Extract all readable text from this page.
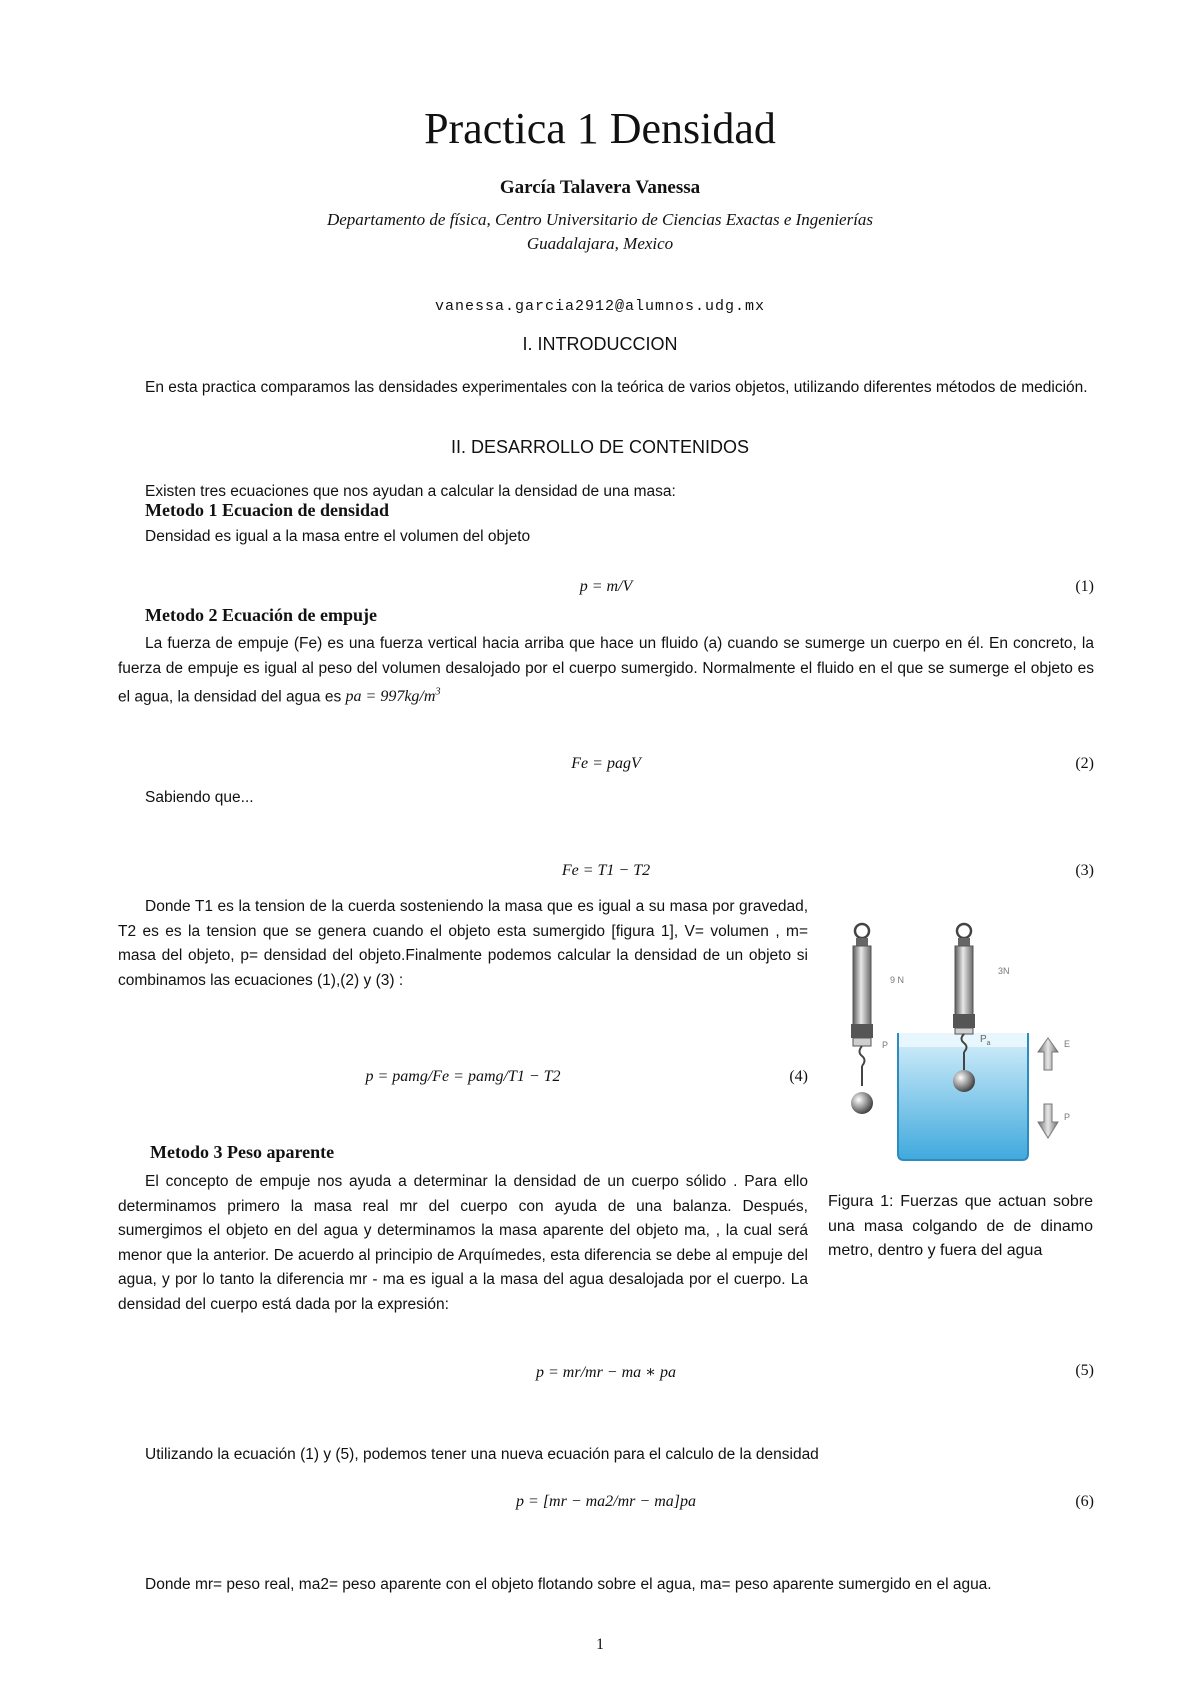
Practica 1 Densidad
García Talavera Vanessa
Departamento de física, Centro Universitario de Ciencias Exactas e Ingenierías
Guadalajara, Mexico
vanessa.garcia2912@alumnos.udg.mx
I. INTRODUCCION
En esta practica comparamos las densidades experimentales con la teórica de varios objetos, utilizando diferentes métodos de medición.
II. DESARROLLO DE CONTENIDOS
Existen tres ecuaciones que nos ayudan a calcular la densidad de una masa:
Metodo 1 Ecuacion de densidad
Densidad es igual a la masa entre el volumen del objeto
p = m/V	(1)
Metodo 2 Ecuación de empuje
La fuerza de empuje (Fe) es una fuerza vertical hacia arriba que hace un fluido (a) cuando se sumerge un cuerpo en él. En concreto, la fuerza de empuje es igual al peso del volumen desalojado por el cuerpo sumergido. Normalmente el fluido en el que se sumerge el objeto es el agua, la densidad del agua es pa = $997kg/m^3$
Fe = pagV	(2)
Sabiendo que...
Fe = T1 − T2	(3)
Donde T1 es la tension de la cuerda sosteniendo la masa que es igual a su masa por gravedad, T2 es es la tension que se genera cuando el objeto esta sumergido [figura 1], V= volumen , m= masa del objeto, p= densidad del objeto.Finalmente podemos calcular la densidad de un objeto si combinamos las ecuaciones (1),(2) y (3) :
p = pamg/Fe = pamg/T1 − T2	(4)
Metodo 3 Peso aparente
El concepto de empuje nos ayuda a determinar la densidad de un cuerpo sólido . Para ello determinamos primero la masa real mr del cuerpo con ayuda de una balanza. Después, sumergimos el objeto en del agua y determinamos la masa aparente del objeto ma, , la cual será menor que la anterior. De acuerdo al principio de Arquímedes, esta diferencia se debe al empuje del agua, y por lo tanto la diferencia mr - ma es igual a la masa del agua desalojada por el cuerpo. La densidad del cuerpo está dada por la expresión:
9 N
P
3N
$P_a$	E
P
Figura 1: Fuerzas que actuan sobre una masa colgando de de dinamo metro, dentro y fuera del agua
p = mr/mr − ma ∗ pa	(5)
Utilizando la ecuación (1) y (5), podemos tener una nueva ecuación para el calculo de la densidad
p = [mr − ma2/mr − ma]pa	(6)
Donde mr= peso real, ma2= peso aparente con el objeto flotando sobre el agua, ma= peso aparente sumergido en el agua.
1
